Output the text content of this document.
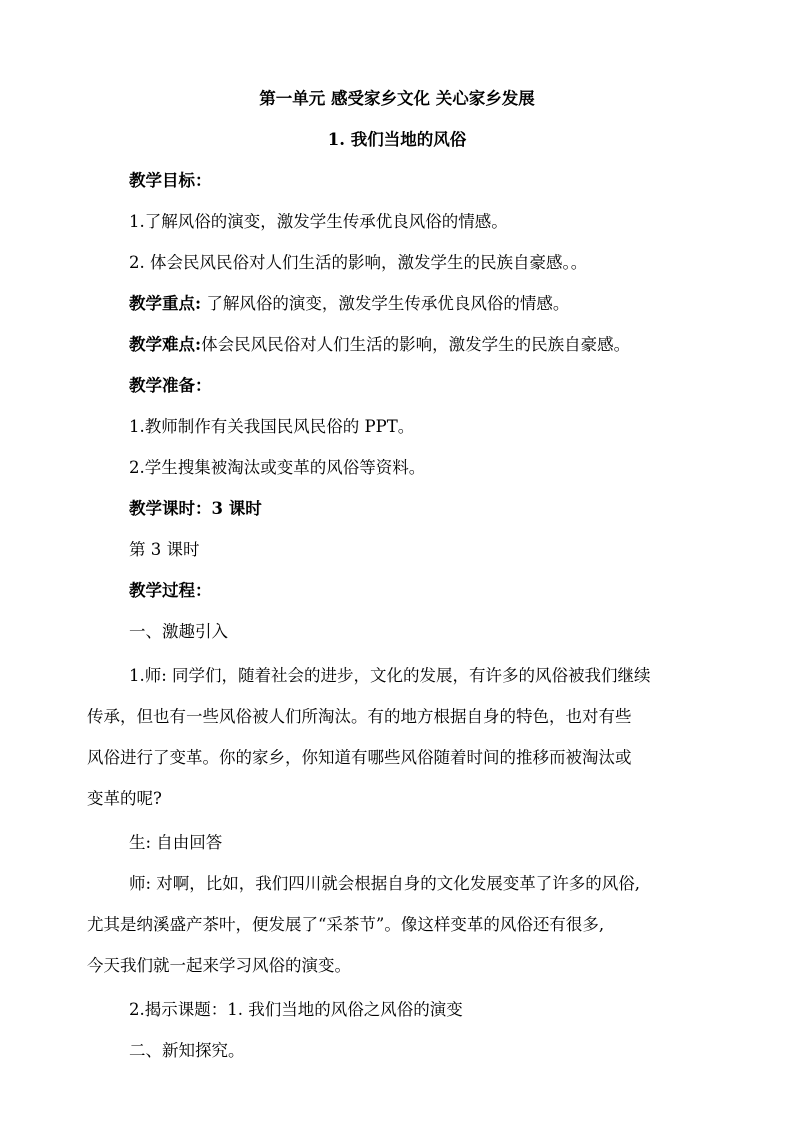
第一单元 感受家乡文化 关心家乡发展

1. 我们当地的风俗

教学目标：

1.了解风俗的演变，激发学生传承优良风俗的情感。

2. 体会民风民俗对人们生活的影响，激发学生的民族自豪感。。

教学重点: 了解风俗的演变，激发学生传承优良风俗的情感。

教学难点:体会民风民俗对人们生活的影响，激发学生的民族自豪感。

教学准备：

1.教师制作有关我国民风民俗的 PPT。

2.学生搜集被淘汰或变革的风俗等资料。

教学课时：3 课时

第 3 课时

教学过程：

一、激趣引入

1.师: 同学们，随着社会的进步，文化的发展，有许多的风俗被我们继续

传承，但也有一些风俗被人们所淘汰。有的地方根据自身的特色，也对有些

风俗进行了变革。你的家乡，你知道有哪些风俗随着时间的推移而被淘汰或

变革的呢?

生: 自由回答

师: 对啊，比如，我们四川就会根据自身的文化发展变革了许多的风俗,

尤其是纳溪盛产茶叶，便发展了“采茶节”。像这样变革的风俗还有很多,

今天我们就一起来学习风俗的演变。

2.揭示课题：1. 我们当地的风俗之风俗的演变

二、新知探究。
